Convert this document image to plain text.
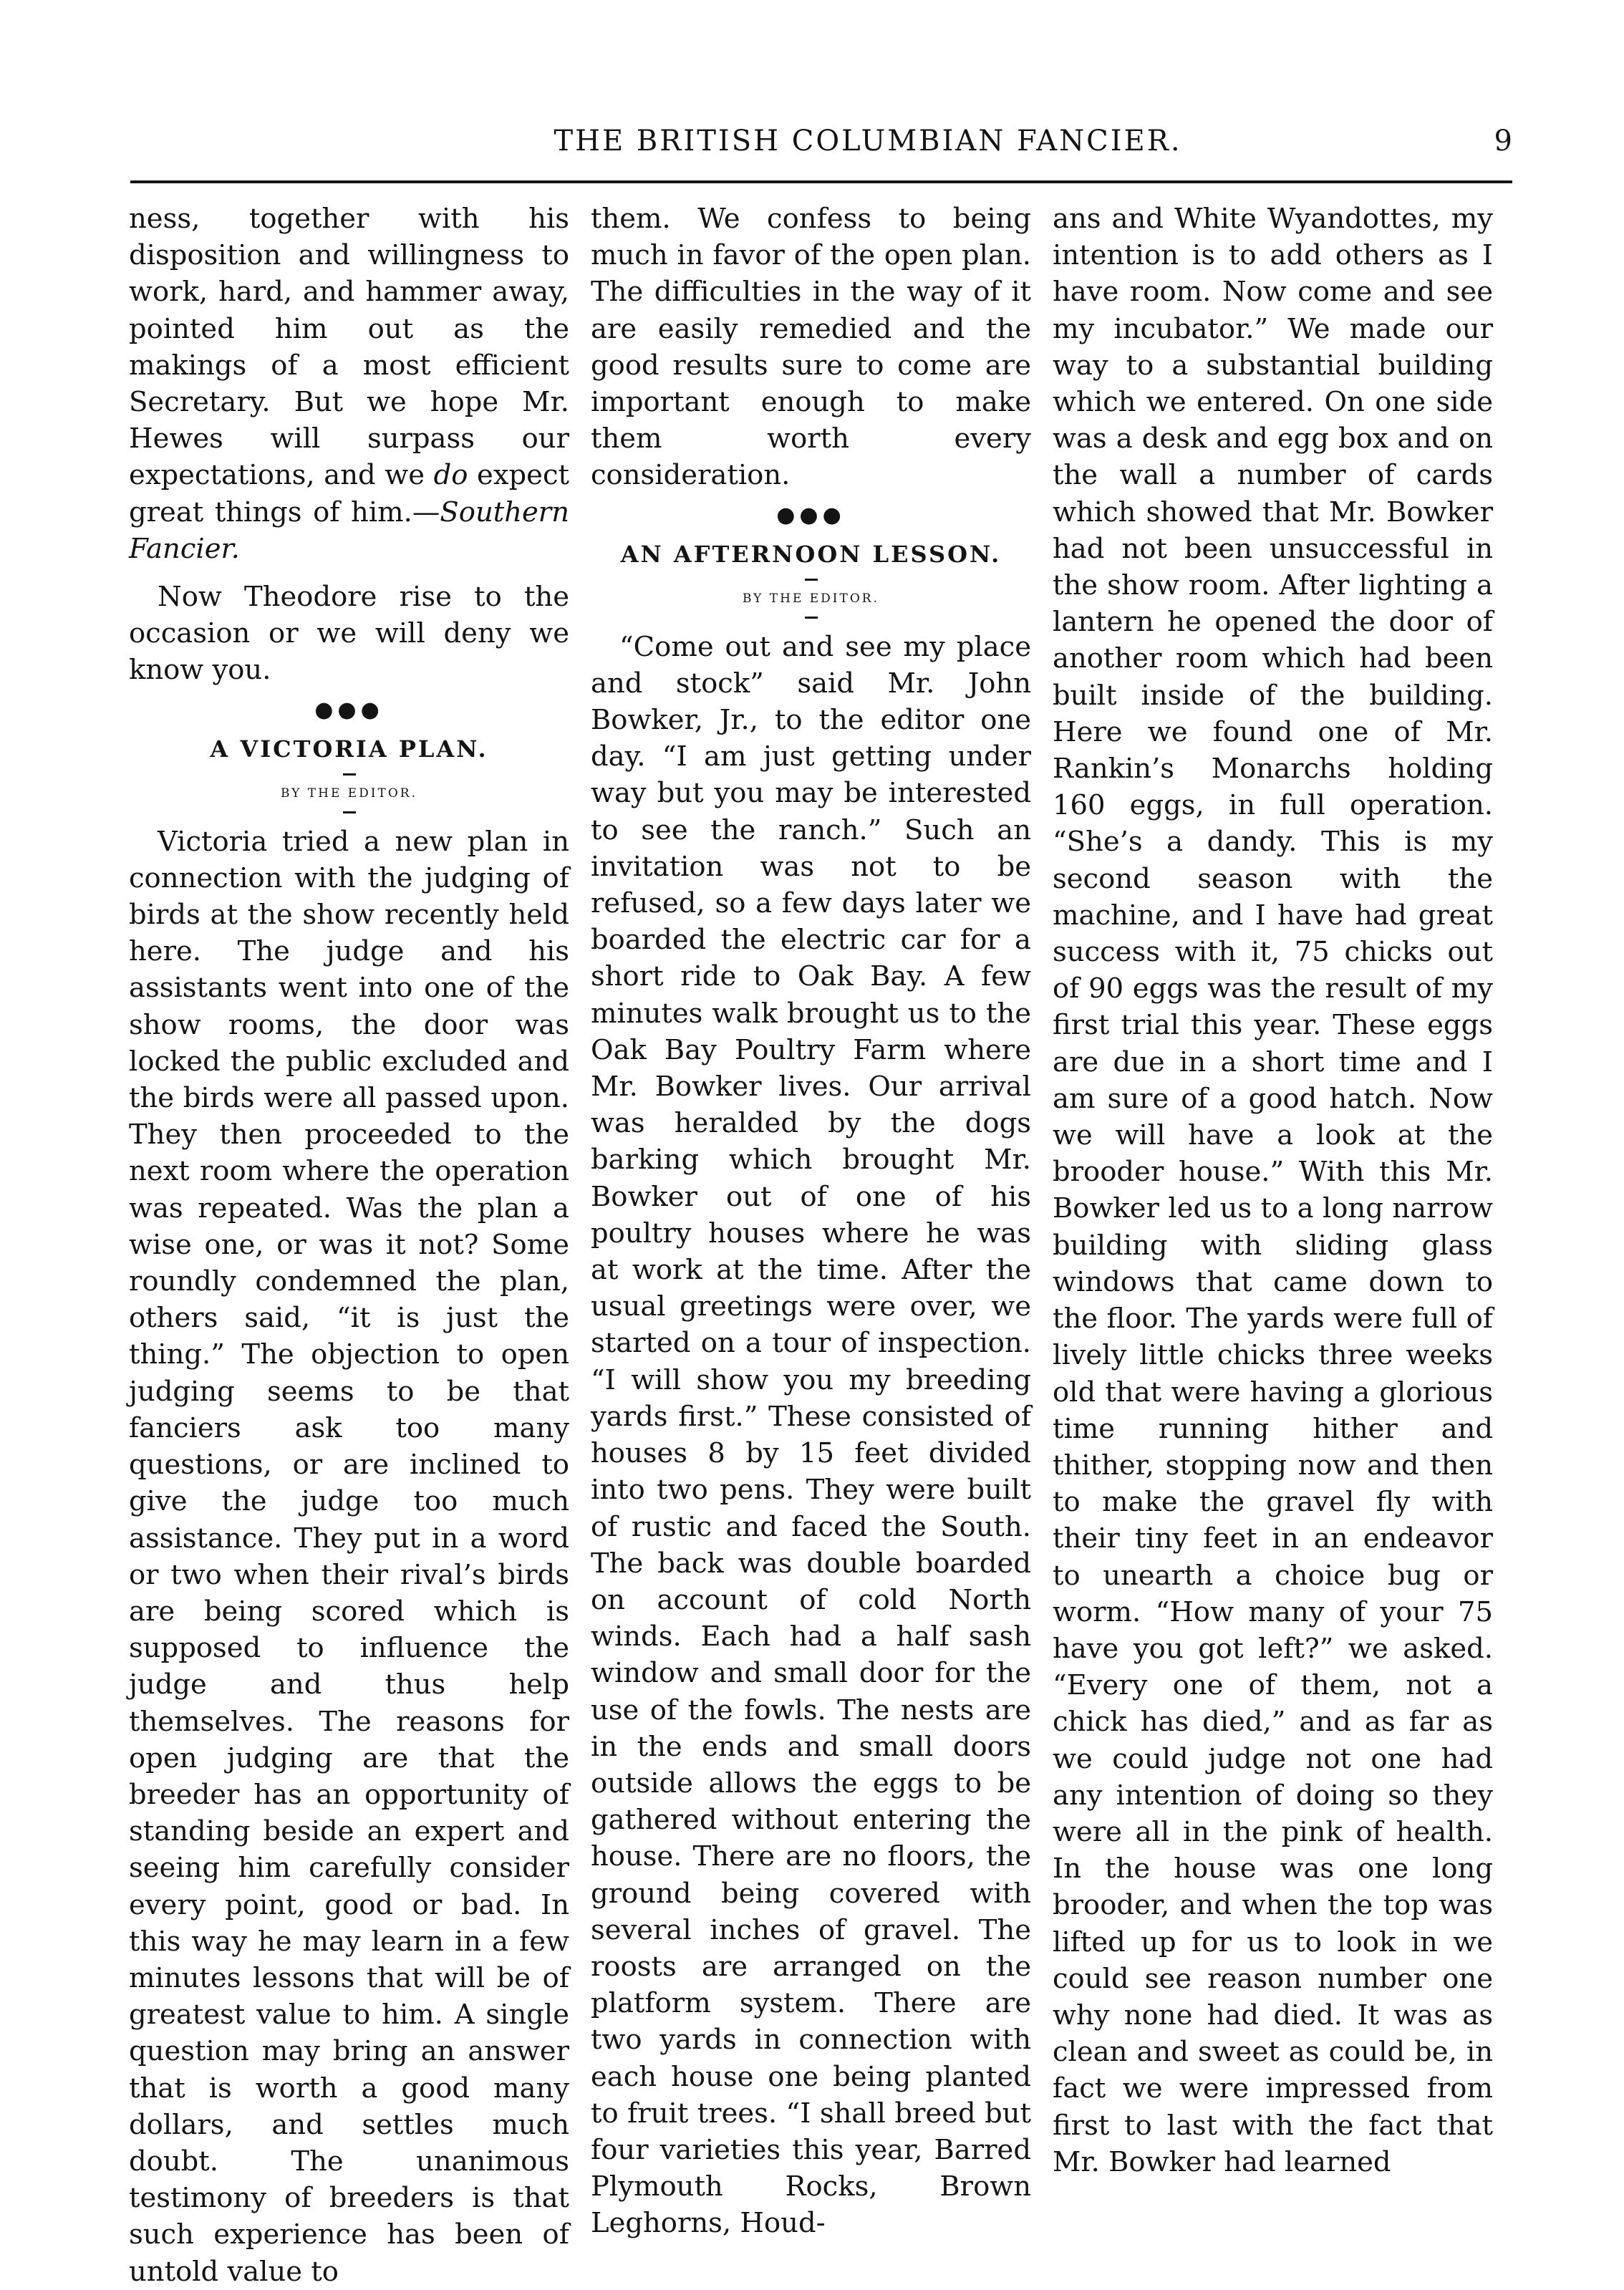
THE BRITISH COLUMBIAN FANCIER.	9

ness, together with his disposition and willingness to work, hard, and hammer away, pointed him out as the makings of a most efficient Secretary. But we hope Mr. Hewes will surpass our expectations, and we do expect great things of him.—Southern Fancier.

Now Theodore rise to the occasion or we will deny we know you.

●●●
A VICTORIA PLAN.
BY THE EDITOR.

Victoria tried a new plan in connection with the judging of birds at the show recently held here. The judge and his assistants went into one of the show rooms, the door was locked the public excluded and the birds were all passed upon. They then proceeded to the next room where the operation was repeated. Was the plan a wise one, or was it not? Some roundly condemned the plan, others said, “it is just the thing.” The objection to open judging seems to be that fanciers ask too many questions, or are inclined to give the judge too much assistance. They put in a word or two when their rival’s birds are being scored which is supposed to influence the judge and thus help themselves. The reasons for open judging are that the breeder has an opportunity of standing beside an expert and seeing him carefully consider every point, good or bad. In this way he may learn in a few minutes lessons that will be of greatest value to him. A single question may bring an answer that is worth a good many dollars, and settles much doubt. The unanimous testimony of breeders is that such experience has been of untold value to

them. We confess to being much in favor of the open plan. The difficulties in the way of it are easily remedied and the good results sure to come are important enough to make them worth every consideration.

●●●
AN AFTERNOON LESSON.
BY THE EDITOR.

“Come out and see my place and stock” said Mr. John Bowker, Jr., to the editor one day. “I am just getting under way but you may be interested to see the ranch.” Such an invitation was not to be refused, so a few days later we boarded the electric car for a short ride to Oak Bay. A few minutes walk brought us to the Oak Bay Poultry Farm where Mr. Bowker lives. Our arrival was heralded by the dogs barking which brought Mr. Bowker out of one of his poultry houses where he was at work at the time. After the usual greetings were over, we started on a tour of inspection. “I will show you my breeding yards first.” These consisted of houses 8 by 15 feet divided into two pens. They were built of rustic and faced the South. The back was double boarded on account of cold North winds. Each had a half sash window and small door for the use of the fowls. The nests are in the ends and small doors outside allows the eggs to be gathered without entering the house. There are no floors, the ground being covered with several inches of gravel. The roosts are arranged on the platform system. There are two yards in connection with each house one being planted to fruit trees. “I shall breed but four varieties this year, Barred Plymouth Rocks, Brown Leghorns, Houd-

ans and White Wyandottes, my intention is to add others as I have room. Now come and see my incubator.” We made our way to a substantial building which we entered. On one side was a desk and egg box and on the wall a number of cards which showed that Mr. Bowker had not been unsuccessful in the show room. After lighting a lantern he opened the door of another room which had been built inside of the building. Here we found one of Mr. Rankin’s Monarchs holding 160 eggs, in full operation. “She’s a dandy. This is my second season with the machine, and I have had great success with it, 75 chicks out of 90 eggs was the result of my first trial this year. These eggs are due in a short time and I am sure of a good hatch. Now we will have a look at the brooder house.” With this Mr. Bowker led us to a long narrow building with sliding glass windows that came down to the floor. The yards were full of lively little chicks three weeks old that were having a glorious time running hither and thither, stopping now and then to make the gravel fly with their tiny feet in an endeavor to unearth a choice bug or worm. “How many of your 75 have you got left?” we asked. “Every one of them, not a chick has died,” and as far as we could judge not one had any intention of doing so they were all in the pink of health. In the house was one long brooder, and when the top was lifted up for us to look in we could see reason number one why none had died. It was as clean and sweet as could be, in fact we were impressed from first to last with the fact that Mr. Bowker had learned
